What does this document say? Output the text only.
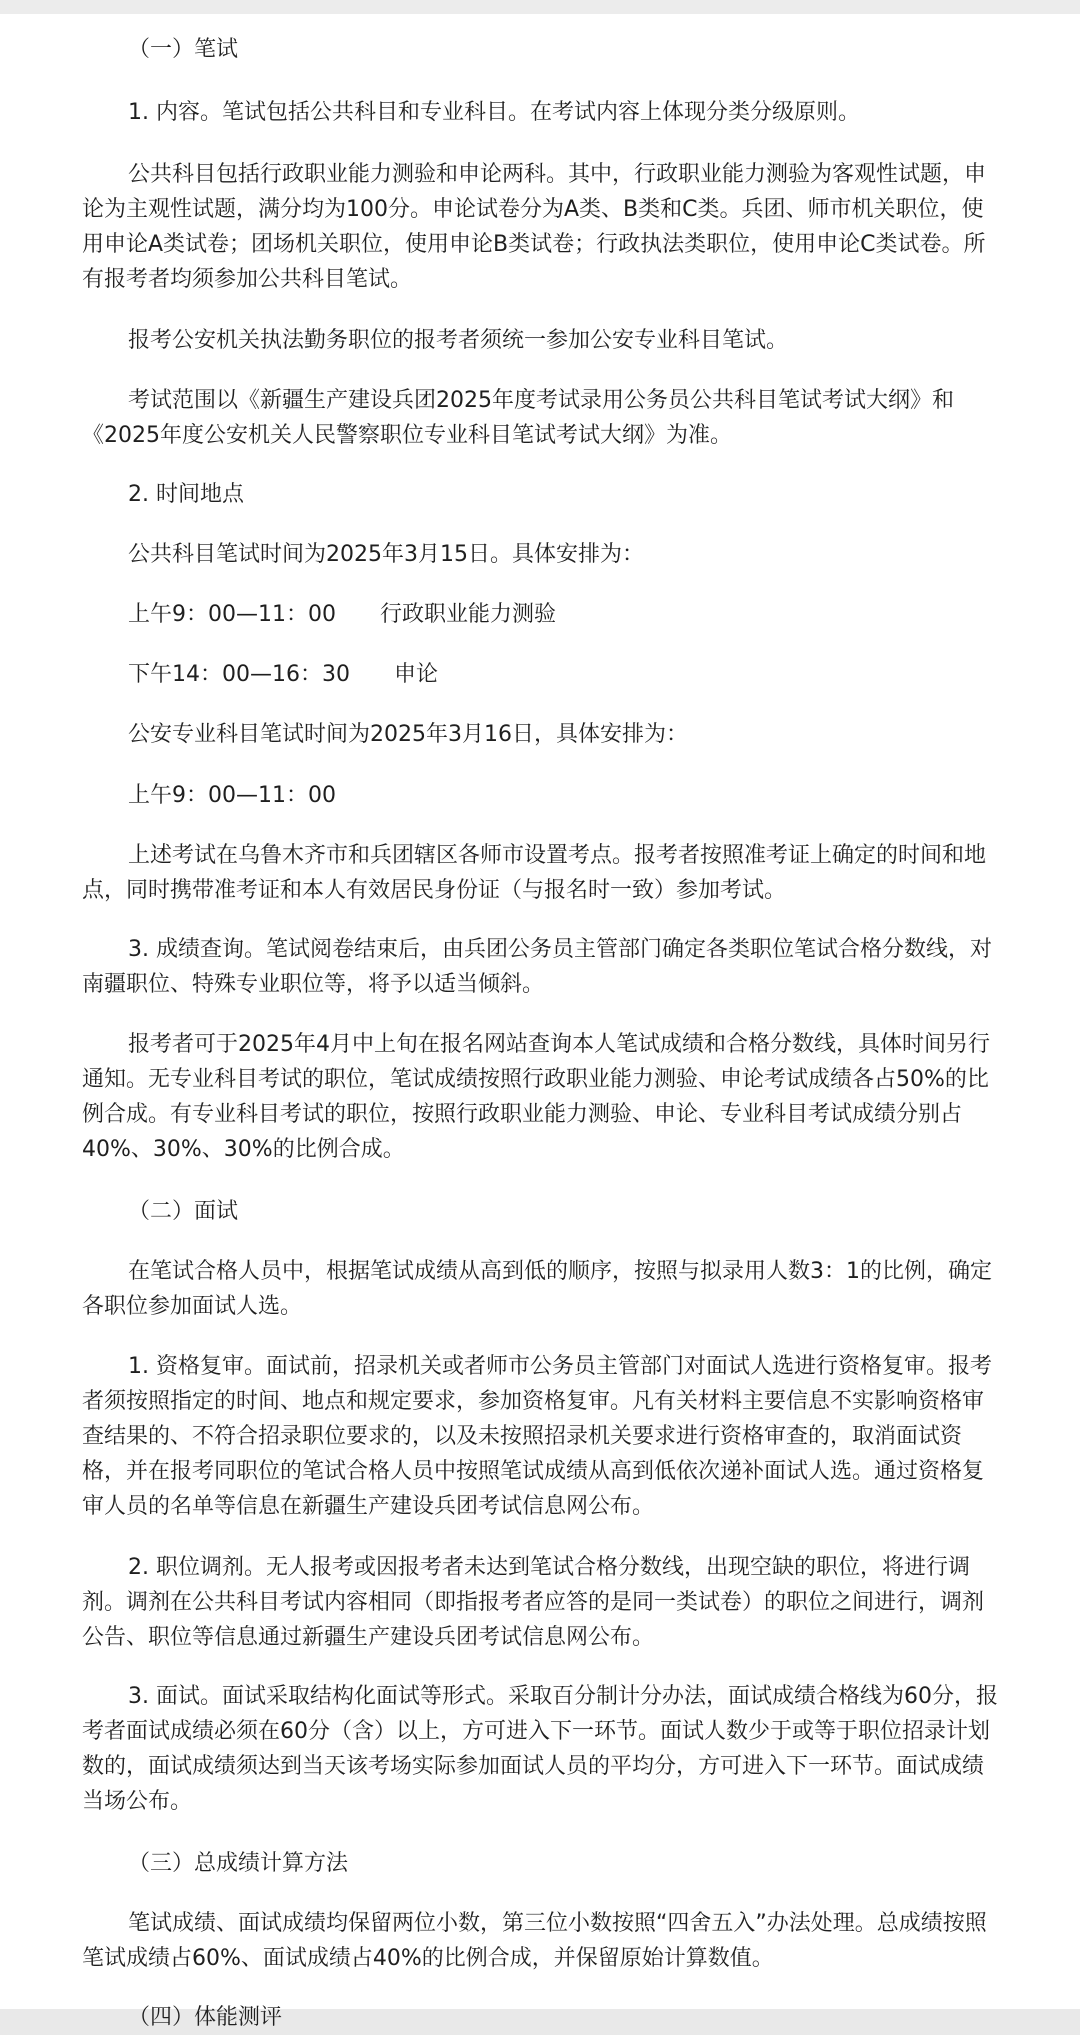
（一）笔试
1. 内容。笔试包括公共科目和专业科目。在考试内容上体现分类分级原则。
公共科目包括行政职业能力测验和申论两科。其中，行政职业能力测验为客观性试题，申论为主观性试题，满分均为100分。申论试卷分为A类、B类和C类。兵团、师市机关职位，使用申论A类试卷；团场机关职位，使用申论B类试卷；行政执法类职位，使用申论C类试卷。所有报考者均须参加公共科目笔试。
报考公安机关执法勤务职位的报考者须统一参加公安专业科目笔试。
考试范围以《新疆生产建设兵团2025年度考试录用公务员公共科目笔试考试大纲》和《2025年度公安机关人民警察职位专业科目笔试考试大纲》为准。
2. 时间地点
公共科目笔试时间为2025年3月15日。具体安排为：
上午9：00—11：00　　行政职业能力测验
下午14：00—16：30　　申论
公安专业科目笔试时间为2025年3月16日，具体安排为：
上午9：00—11：00
上述考试在乌鲁木齐市和兵团辖区各师市设置考点。报考者按照准考证上确定的时间和地点，同时携带准考证和本人有效居民身份证（与报名时一致）参加考试。
3. 成绩查询。笔试阅卷结束后，由兵团公务员主管部门确定各类职位笔试合格分数线，对南疆职位、特殊专业职位等，将予以适当倾斜。
报考者可于2025年4月中上旬在报名网站查询本人笔试成绩和合格分数线，具体时间另行通知。无专业科目考试的职位，笔试成绩按照行政职业能力测验、申论考试成绩各占50%的比例合成。有专业科目考试的职位，按照行政职业能力测验、申论、专业科目考试成绩分别占40%、30%、30%的比例合成。
（二）面试
在笔试合格人员中，根据笔试成绩从高到低的顺序，按照与拟录用人数3：1的比例，确定各职位参加面试人选。
1. 资格复审。面试前，招录机关或者师市公务员主管部门对面试人选进行资格复审。报考者须按照指定的时间、地点和规定要求，参加资格复审。凡有关材料主要信息不实影响资格审查结果的、不符合招录职位要求的，以及未按照招录机关要求进行资格审查的，取消面试资格，并在报考同职位的笔试合格人员中按照笔试成绩从高到低依次递补面试人选。通过资格复审人员的名单等信息在新疆生产建设兵团考试信息网公布。
2. 职位调剂。无人报考或因报考者未达到笔试合格分数线，出现空缺的职位，将进行调剂。调剂在公共科目考试内容相同（即指报考者应答的是同一类试卷）的职位之间进行，调剂公告、职位等信息通过新疆生产建设兵团考试信息网公布。
3. 面试。面试采取结构化面试等形式。采取百分制计分办法，面试成绩合格线为60分，报考者面试成绩必须在60分（含）以上，方可进入下一环节。面试人数少于或等于职位招录计划数的，面试成绩须达到当天该考场实际参加面试人员的平均分，方可进入下一环节。面试成绩当场公布。
（三）总成绩计算方法
笔试成绩、面试成绩均保留两位小数，第三位小数按照“四舍五入”办法处理。总成绩按照笔试成绩占60%、面试成绩占40%的比例合成，并保留原始计算数值。
（四）体能测评
